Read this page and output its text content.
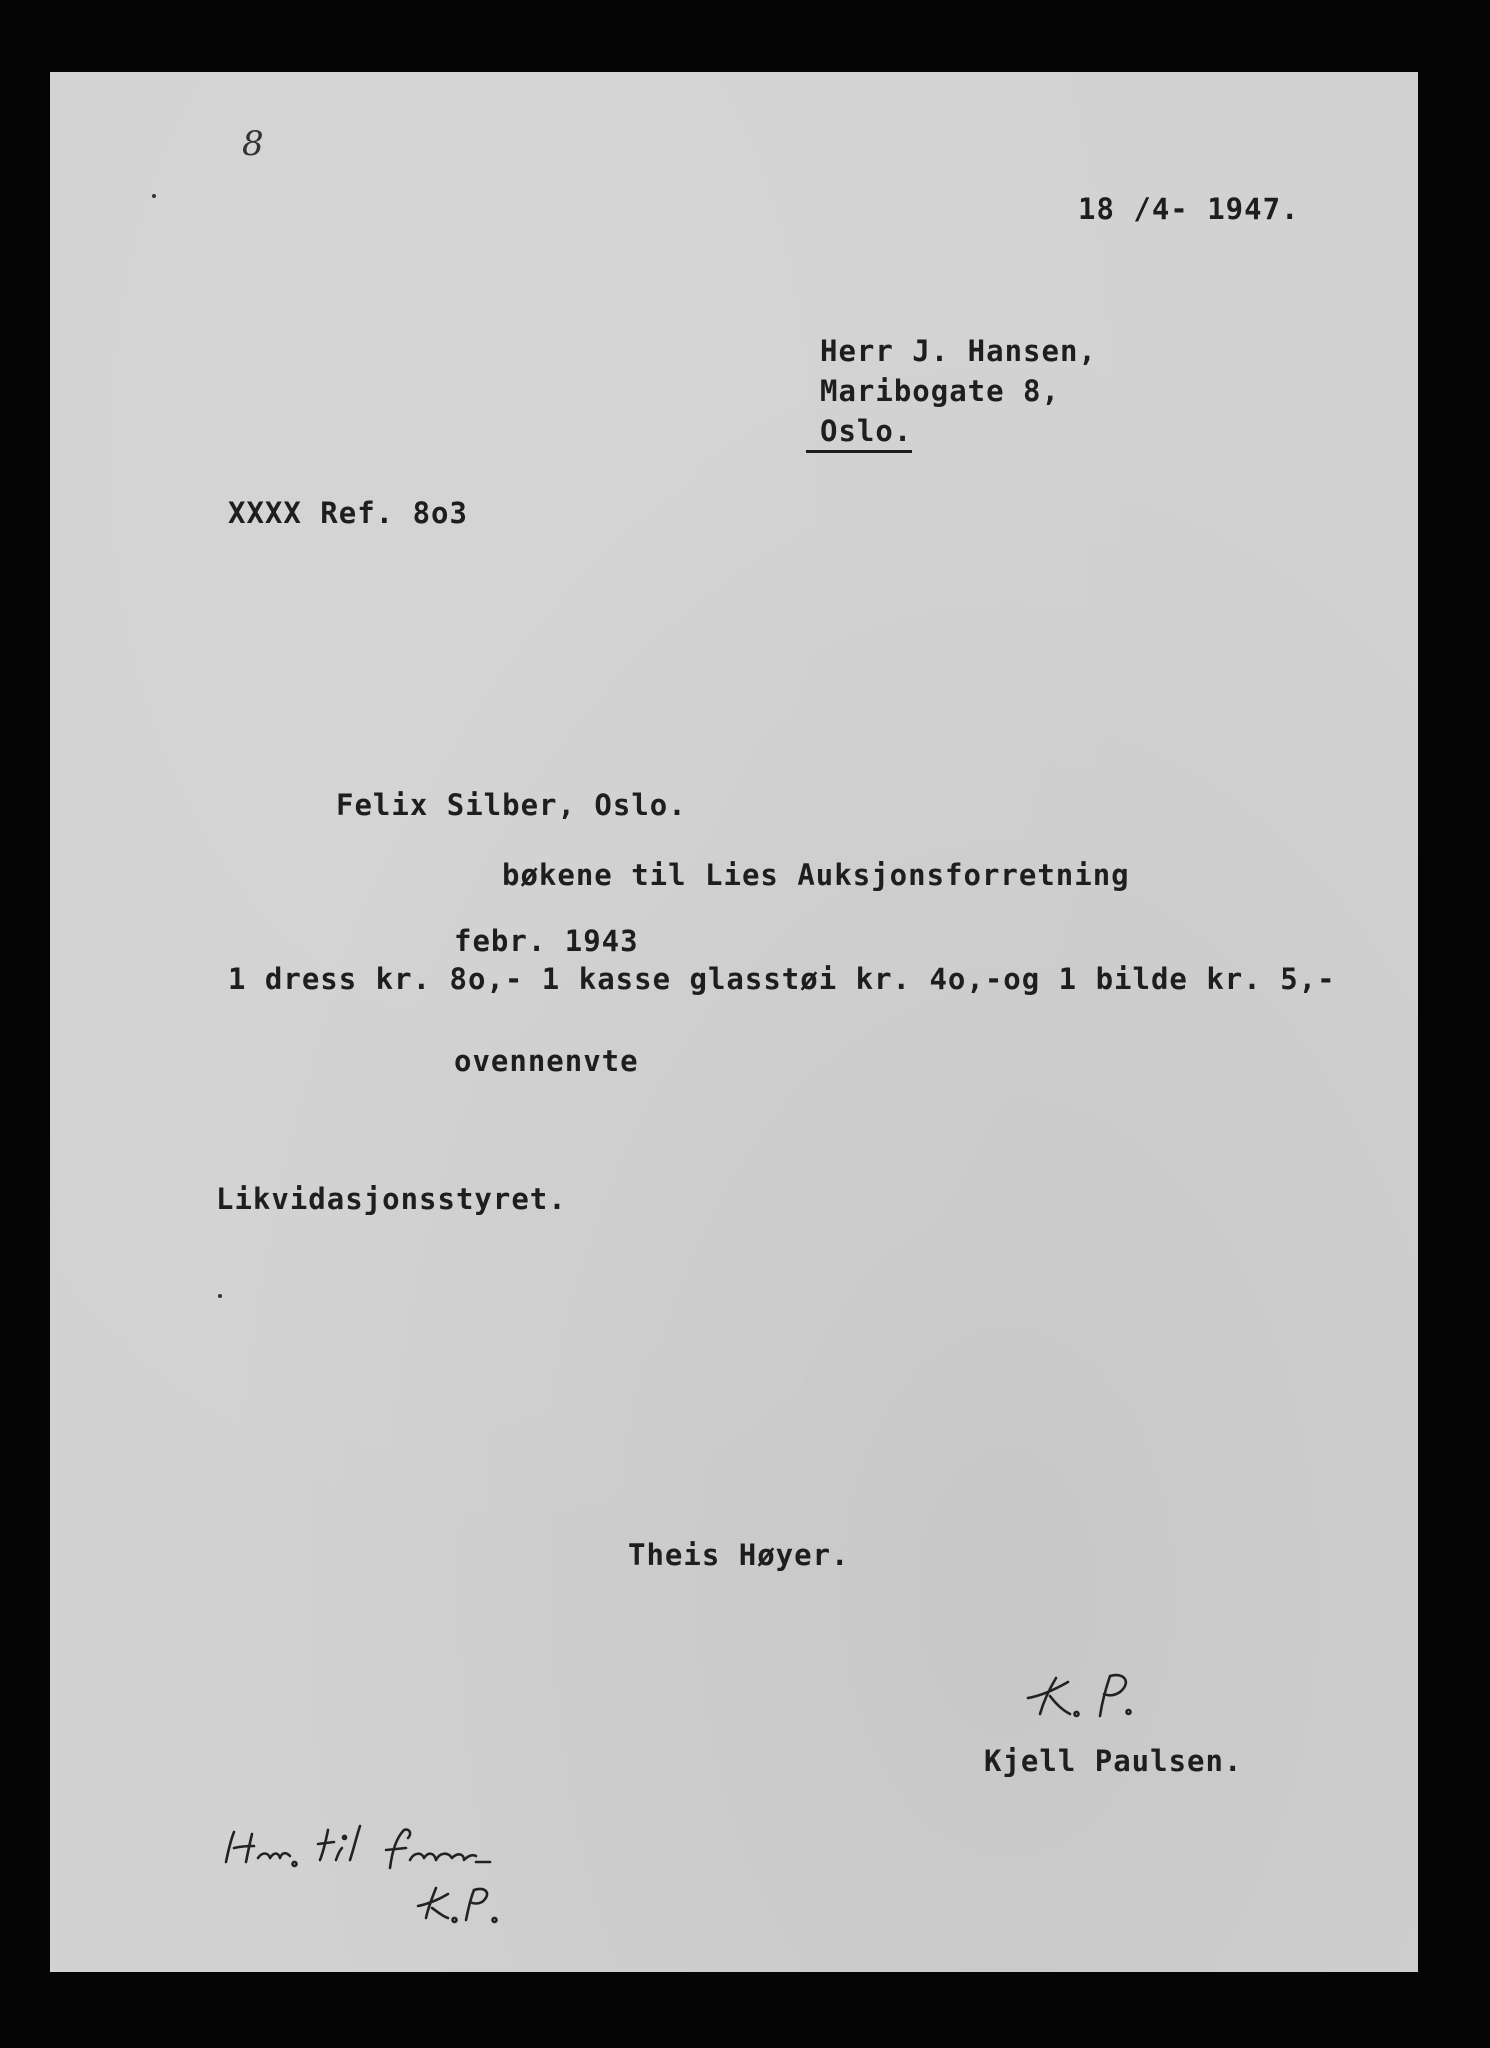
8
18 /4- 1947.
Herr J. Hansen,
Maribogate 8,
Oslo.
XXXX Ref. 8o3
Felix Silber, Oslo.
bøkene til Lies Auksjonsforretning
febr. 1943
1 dress kr. 8o,- 1 kasse glasstøi kr. 4o,-og 1 bilde kr. 5,-
ovennenvte
Likvidasjonsstyret.
Theis Høyer.
Kjell Paulsen.
